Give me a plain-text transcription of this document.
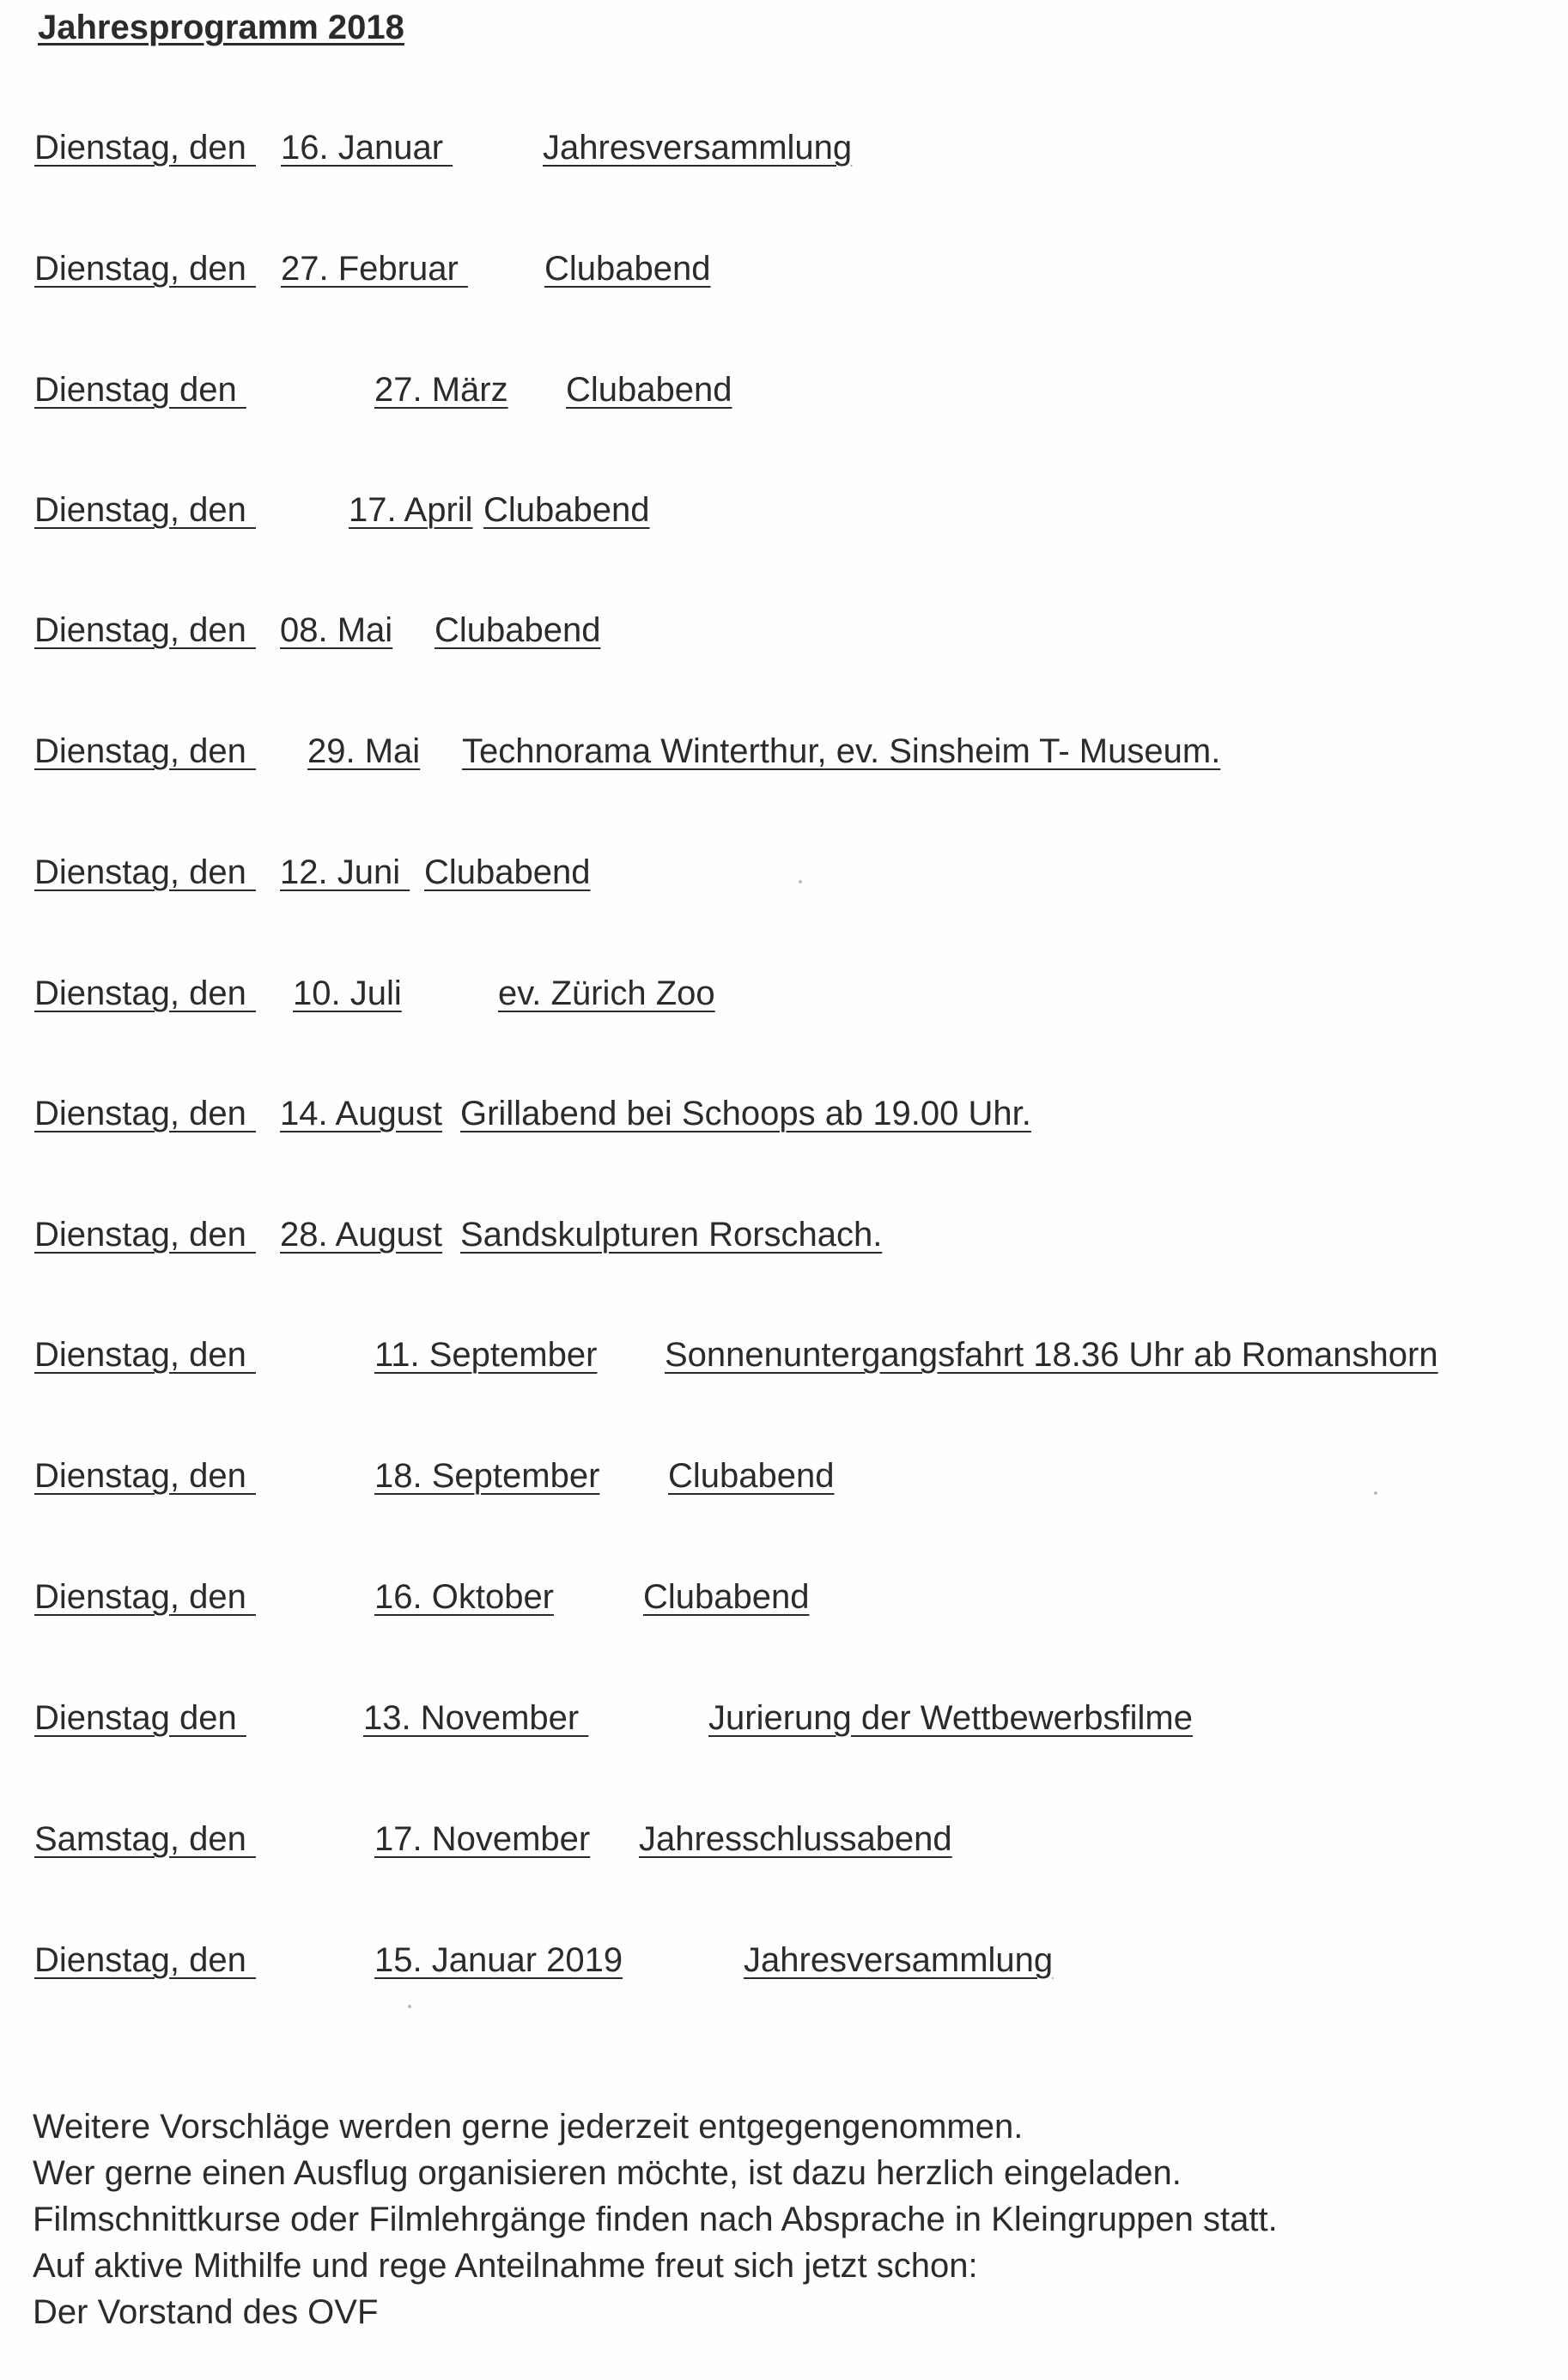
Jahresprogramm 2018
Dienstag, den 16. Januar	Jahresversammlung
Dienstag, den 27. Februar Clubabend
Dienstag den	27. März Clubabend
Dienstag, den	17. April Clubabend
Dienstag, den 08. Mai Clubabend
Dienstag, den 29. Mai Technorama Winterthur, ev. Sinsheim T- Museum.
Dienstag, den 12. Juni Clubabend
Dienstag, den 10. Juli	ev. Zürich Zoo
Dienstag, den 14. August Grillabend bei Schoops ab 19.00 Uhr.
Dienstag, den 28. August Sandskulpturen Rorschach.
Dienstag, den	11. September Sonnenuntergangsfahrt 18.36 Uhr ab Romanshorn
Dienstag, den	18. September Clubabend
Dienstag, den	16. Oktober	Clubabend
Dienstag den	13. November	Jurierung der Wettbewerbsfilme
Samstag, den	17. November Jahresschlussabend
Dienstag, den	15. Januar 2019	Jahresversammlung
Weitere Vorschläge werden gerne jederzeit entgegengenommen.
Wer gerne einen Ausflug organisieren möchte, ist dazu herzlich eingeladen.
Filmschnittkurse oder Filmlehrgänge finden nach Absprache in Kleingruppen statt.
Auf aktive Mithilfe und rege Anteilnahme freut sich jetzt schon:
Der Vorstand des OVF
